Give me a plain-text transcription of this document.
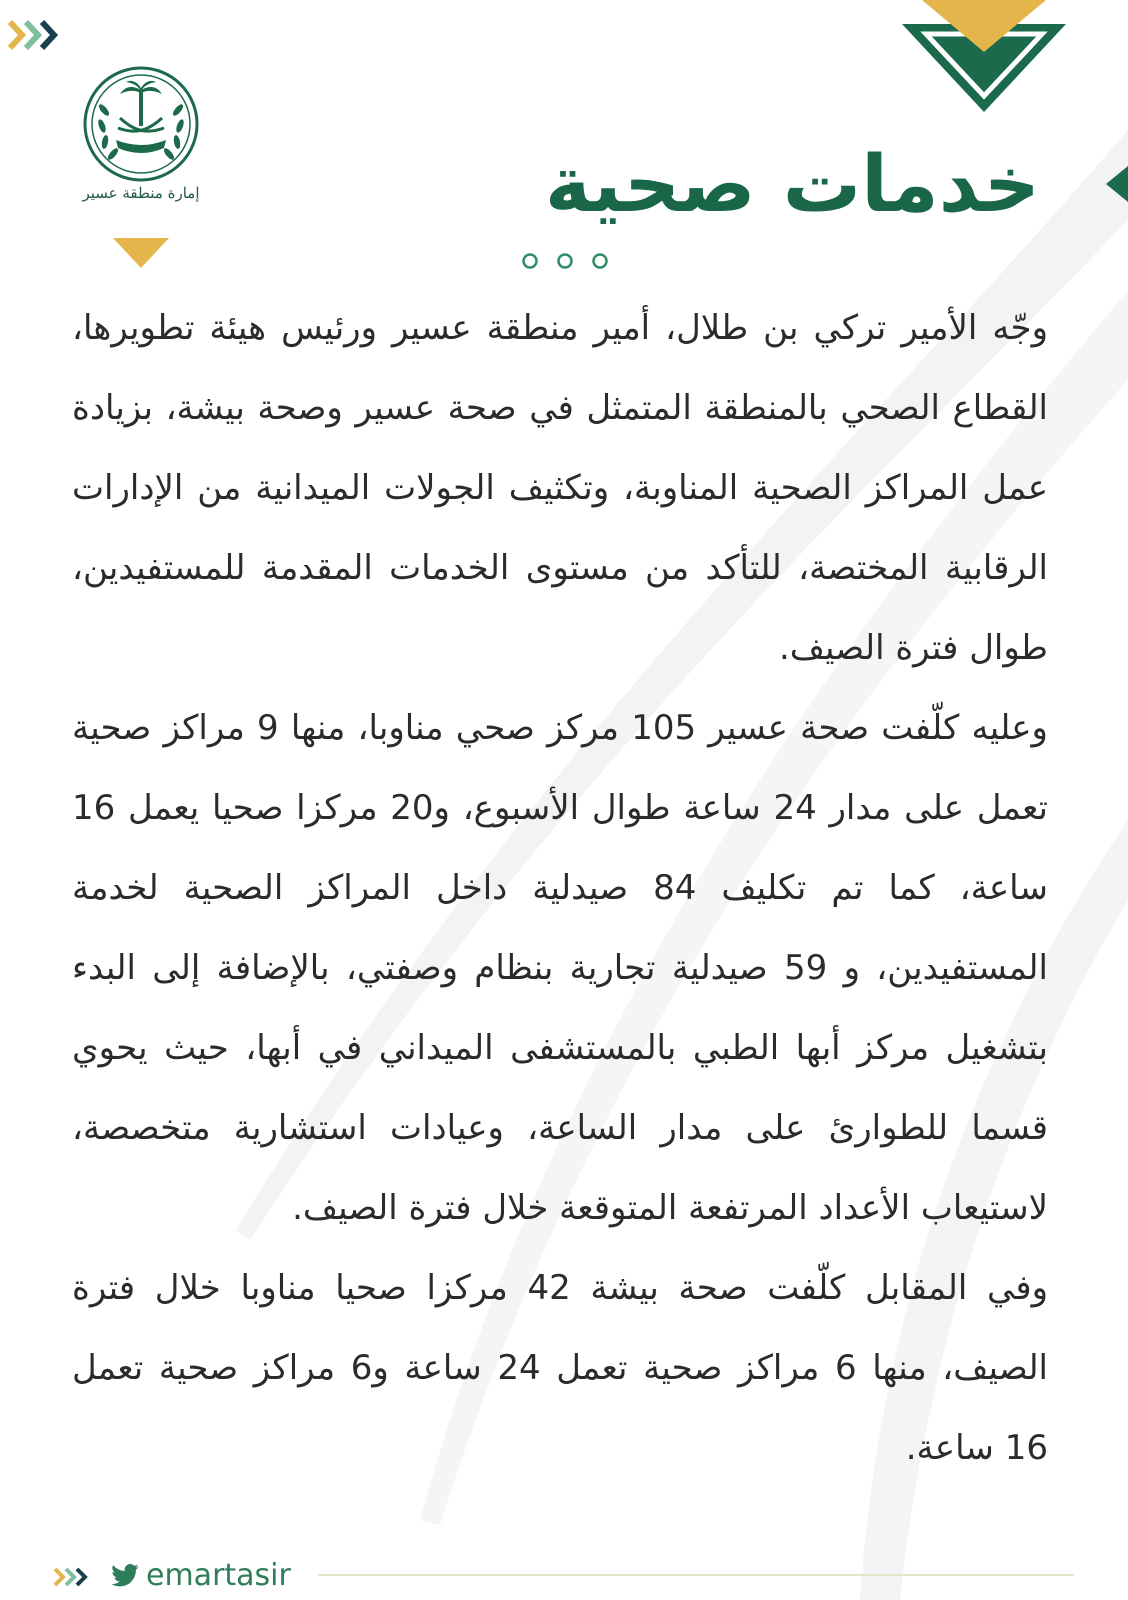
إمارة منطقة عسير	خدمات صحية

وجّه الأمير تركي بن طلال، أمير منطقة عسير ورئيس هيئة تطويرها، القطاع الصحي بالمنطقة المتمثل في صحة عسير وصحة بيشة، بزيادة عمل المراكز الصحية المناوبة، وتكثيف الجولات الميدانية من الإدارات الرقابية المختصة، للتأكد من مستوى الخدمات المقدمة للمستفيدين، طوال فترة الصيف.

وعليه كلّفت صحة عسير 105 مركز صحي مناوبا، منها 9 مراكز صحية تعمل على مدار 24 ساعة طوال الأسبوع، و20 مركزا صحيا يعمل 16 ساعة، كما تم تكليف 84 صيدلية داخل المراكز الصحية لخدمة المستفيدين، و 59 صيدلية تجارية بنظام وصفتي، بالإضافة إلى البدء بتشغيل مركز أبها الطبي بالمستشفى الميداني في أبها، حيث يحوي قسما للطوارئ على مدار الساعة، وعيادات استشارية متخصصة، لاستيعاب الأعداد المرتفعة المتوقعة خلال فترة الصيف.

وفي المقابل كلّفت صحة بيشة 42 مركزا صحيا مناوبا خلال فترة الصيف، منها 6 مراكز صحية تعمل 24 ساعة و6 مراكز صحية تعمل 16 ساعة.

emartasir
